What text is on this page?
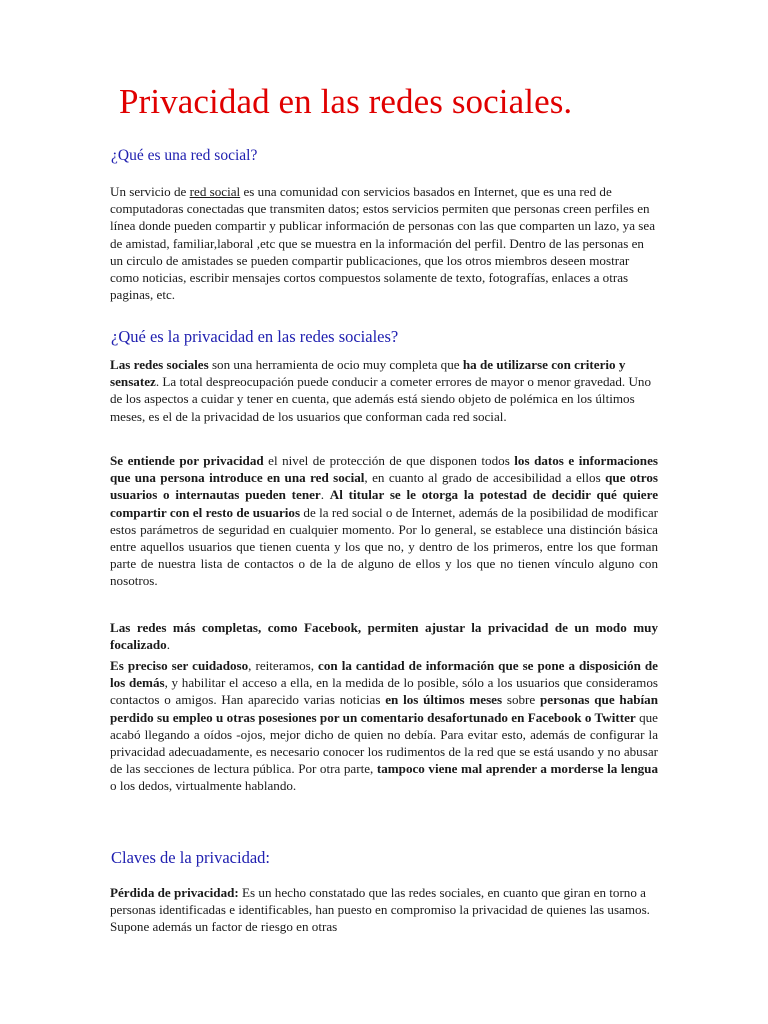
Privacidad en las redes sociales.
¿Qué es una red social?

Un servicio de red social es una comunidad con servicios basados en Internet, que es una red de computadoras conectadas que transmiten datos; estos servicios permiten que personas creen perfiles en línea donde pueden compartir y publicar información de personas con las que comparten un lazo, ya sea de amistad, familiar,laboral ,etc que se muestra en la información del perfil. Dentro de las personas en un circulo de amistades se pueden compartir publicaciones, que los otros miembros deseen mostrar como noticias, escribir mensajes cortos compuestos solamente de texto, fotografías, enlaces a otras paginas, etc.

¿Qué es la privacidad en las redes sociales?

Las redes sociales son una herramienta de ocio muy completa que ha de utilizarse con criterio y sensatez. La total despreocupación puede conducir a cometer errores de mayor o menor gravedad. Uno de los aspectos a cuidar y tener en cuenta, que además está siendo objeto de polémica en los últimos meses, es el de la privacidad de los usuarios que conforman cada red social.

Se entiende por privacidad el nivel de protección de que disponen todos los datos e informaciones que una persona introduce en una red social, en cuanto al grado de accesibilidad a ellos que otros usuarios o internautas pueden tener. Al titular se le otorga la potestad de decidir qué quiere compartir con el resto de usuarios de la red social o de Internet, además de la posibilidad de modificar estos parámetros de seguridad en cualquier momento. Por lo general, se establece una distinción básica entre aquellos usuarios que tienen cuenta y los que no, y dentro de los primeros, entre los que forman parte de nuestra lista de contactos o de la de alguno de ellos y los que no tienen vínculo alguno con nosotros.

Las redes más completas, como Facebook, permiten ajustar la privacidad de un modo muy focalizado.

Es preciso ser cuidadoso, reiteramos, con la cantidad de información que se pone a disposición de los demás, y habilitar el acceso a ella, en la medida de lo posible, sólo a los usuarios que consideramos contactos o amigos. Han aparecido varias noticias en los últimos meses sobre personas que habían perdido su empleo u otras posesiones por un comentario desafortunado en Facebook o Twitter que acabó llegando a oídos -ojos, mejor dicho de quien no debía. Para evitar esto, además de configurar la privacidad adecuadamente, es necesario conocer los rudimentos de la red que se está usando y no abusar de las secciones de lectura pública. Por otra parte, tampoco viene mal aprender a morderse la lengua o los dedos, virtualmente hablando.

Claves de la privacidad:

Pérdida de privacidad: Es un hecho constatado que las redes sociales, en cuanto que giran en torno a personas identificadas e identificables, han puesto en compromiso la privacidad de quienes las usamos. Supone además un factor de riesgo en otras
